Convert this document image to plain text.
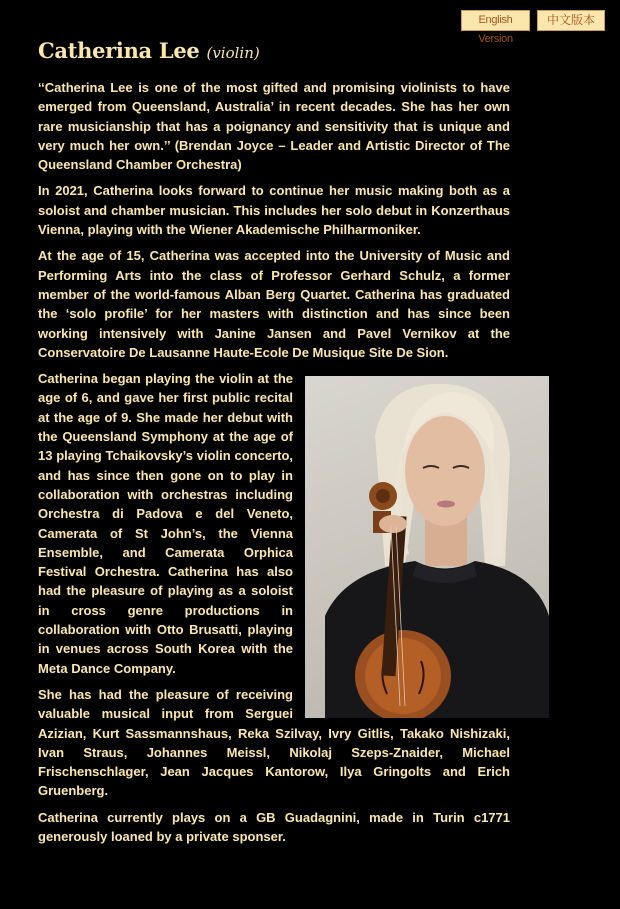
English Version
中文版本
Catherina Lee (violin)

‘‘Catherina Lee is one of the most gifted and promising violinists to have emerged from Queensland, Australia’ in recent decades. She has her own rare musicianship that has a poignancy and sensitivity that is unique and very much her own.’’ (Brendan Joyce – Leader and Artistic Director of The Queensland Chamber Orchestra)

In 2021, Catherina looks forward to continue her music making both as a soloist and chamber musician. This includes her solo debut in Konzerthaus Vienna, playing with the Wiener Akademische Philharmoniker.

At the age of 15, Catherina was accepted into the University of Music and Performing Arts into the class of Professor Gerhard Schulz, a former member of the world-famous Alban Berg Quartet. Catherina has graduated the ‘solo profile’ for her masters with distinction and has since been working intensively with Janine Jansen and Pavel Vernikov at the Conservatoire De Lausanne Haute-Ecole De Musique Site De Sion.

Catherina began playing the violin at the age of 6, and gave her first public recital at the age of 9. She made her debut with the Queensland Symphony at the age of 13 playing Tchaikovsky’s violin concerto, and has since then gone on to play in collaboration with orchestras including Orchestra di Padova e del Veneto, Camerata of St John’s, the Vienna Ensemble, and Camerata Orphica Festival Orchestra. Catherina has also had the pleasure of playing as a soloist in cross genre productions in collaboration with Otto Brusatti, playing in venues across South Korea with the Meta Dance Company.

She has had the pleasure of receiving valuable musical input from Serguei Azizian, Kurt Sassmannshaus, Reka Szilvay, Ivry Gitlis, Takako Nishizaki, Ivan Straus, Johannes Meissl, Nikolaj Szeps-Znaider, Michael Frischenschlager, Jean Jacques Kantorow, Ilya Gringolts and Erich Gruenberg.

Catherina currently plays on a GB Guadagnini, made in Turin c1771 generously loaned by a private sponser.
